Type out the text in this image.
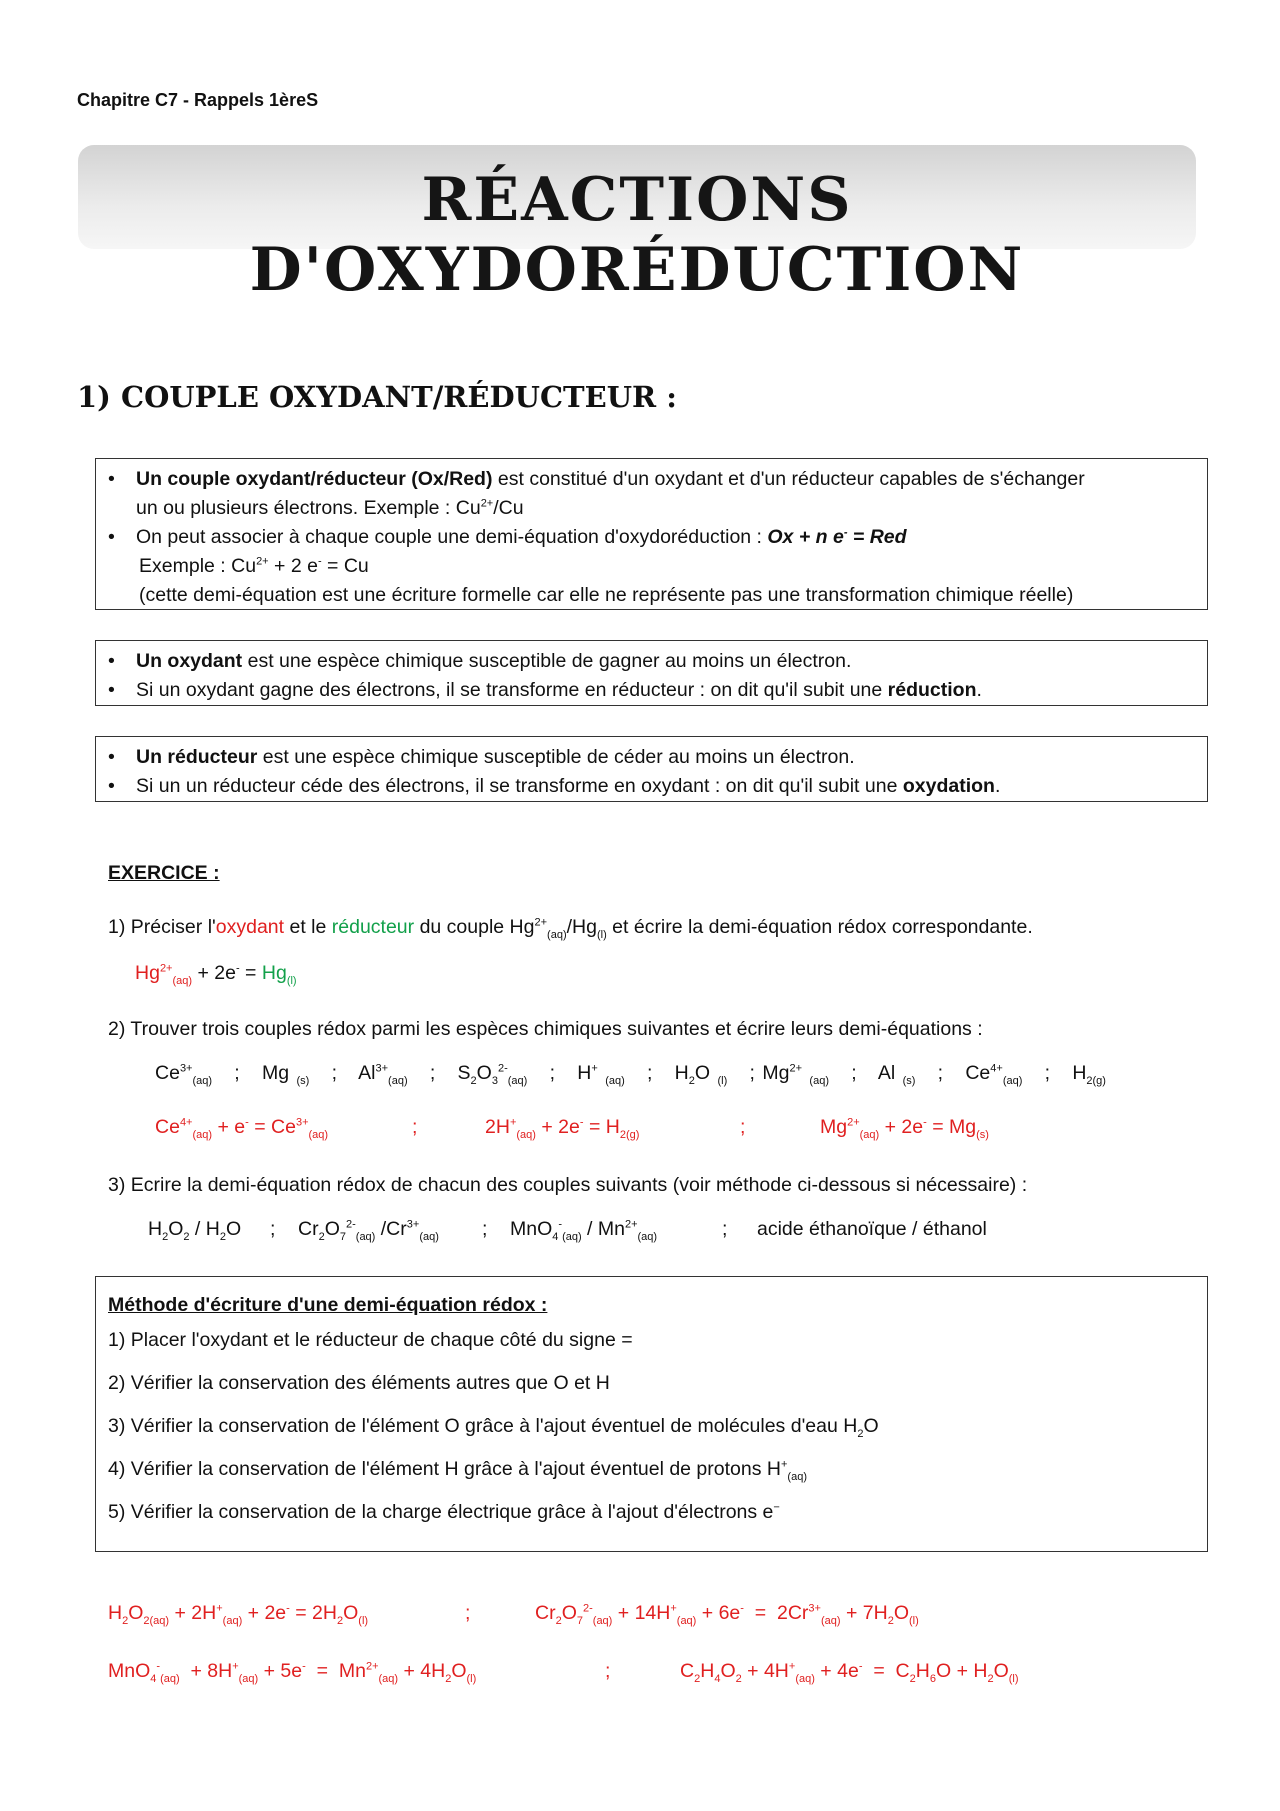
Chapitre C7 - Rappels 1èreS
RÉACTIONS D'OXYDORÉDUCTION
1) COUPLE OXYDANT/RÉDUCTEUR :
• Un couple oxydant/réducteur (Ox/Red) est constitué d'un oxydant et d'un réducteur capables de s'échanger
un ou plusieurs électrons. Exemple : $Cu^{2+}/Cu$
• On peut associer à chaque couple une demi-équation d'oxydoréduction : Ox + n e- = Red
Exemple : $Cu^{2+} + 2$ e- = Cu
(cette demi-équation est une écriture formelle car elle ne représente pas une transformation chimique réelle)
• Un oxydant est une espèce chimique susceptible de gagner au moins un électron.
• Si un oxydant gagne des électrons, il se transforme en réducteur : on dit qu'il subit une réduction.
• Un réducteur est une espèce chimique susceptible de céder au moins un électron.
• Si un un réducteur céde des électrons, il se transforme en oxydant : on dit qu'il subit une oxydation.
EXERCICE :
1) Préciser l'oxydant et le réducteur du couple $Hg^{2+}_{(aq)}/Hg_{(l)}$ et écrire la demi-équation rédox correspondante.
$Hg^{2+}_{(aq)} + 2e^- = Hg_{(l)}$
2) Trouver trois couples rédox parmi les espèces chimiques suivantes et écrire leurs demi-équations :
$Ce^{3+}_{(aq)}$   ;   Mg $_{(s)}$   ;   $Al^{3+}_{(aq)}$   ;   $S_2O_3^{2-}_{(aq)}$   ;   H+ $_{(aq)}$   ;   $H_2O$ $_{(l)}$   ; $Mg^{2+}$ $_{(aq)}$   ;   Al $_{(s)}$   ;   $Ce^{4+}_{(aq)}$   ;   $H_{2(g)}$
$Ce^{4+}_{(aq)} + e^- = Ce^{3+}_{(aq)}$	;	$2H^+_{(aq)} + 2e^- = H_{2(g)}$	;	$Mg^{2+}_{(aq)} + 2e^- = Mg_{(s)}$
3) Ecrire la demi-équation rédox de chacun des couples suivants (voir méthode ci-dessous si nécessaire) :
$H_2O_2 / H_2O$ ; $Cr_2O_7^{2-}_{(aq)}$ $/Cr^{3+}_{(aq)}$ ; $MnO_4^-_{(aq)} / Mn^{2+}_{(aq)}$	; acide éthanoïque / éthanol
Méthode d'écriture d'une demi-équation rédox :
1) Placer l'oxydant et le réducteur de chaque côté du signe =
2) Vérifier la conservation des éléments autres que O et H
3) Vérifier la conservation de l'élément O grâce à l'ajout éventuel de molécules d'eau $H_2O$
4) Vérifier la conservation de l'élément H grâce à l'ajout éventuel de protons $H^+_{(aq)}$
5) Vérifier la conservation de la charge électrique grâce à l'ajout d'électrons e−
$H_2O_{2(aq)} + 2H^+_{(aq)} + 2e^- = 2H_2O_{(l)}$	;	$Cr_2O_7^{2-}_{(aq)} + 14H^+_{(aq)} + 6e^- = 2Cr^{3+}_{(aq)} + 7H_2O_{(l)}$
$MnO_4^-_{(aq)} + 8H^+_{(aq)} + 5e^- = Mn^{2+}_{(aq)} + 4H_2O_{(l)}$	;	$C_2H_4O_2 + 4H^+_{(aq)} + 4e^- = C_2H_6O + H_2O_{(l)}$
